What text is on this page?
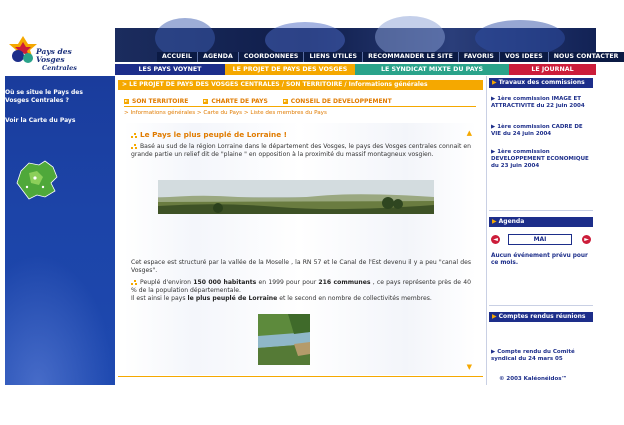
ACCUEIL	AGENDA	COORDONNEES	LIENS UTILES	RECOMMANDER LE SITE	FAVORIS	VOS IDEES	NOUS CONTACTER
Pays des Vosges
Centrales	LES PAYS VOYNET	LE PROJET DE PAYS DES VOSGES	LE SYNDICAT MIXTE DU PAYS	LE JOURNAL
Où se situe le Pays des Vosges Centrales ?
Voir la Carte du Pays
> LE PROJET DE PAYS DES VOSGES CENTRALES / SON TERRITOIRE / Informations générales
SON TERRITOIRE	CHARTE DE PAYS	CONSEIL DE DEVELOPPEMENT
> Informations générales > Carte du Pays > Liste des membres du Pays
▲
Le Pays le plus peuplé de Lorraine !
Basé au sud de la région Lorraine dans le département des Vosges, le pays des Vosges centrales connait en grande partie un relief dit de "plaine " en opposition à la proximité du massif montagneux vosgien.
Cet espace est structuré par la vallée de la Moselle , la RN 57 et le Canal de l'Est devenu il y a peu "canal des Vosges".
Peuplé d'environ 150 000 habitants en 1999 pour pour 216 communes , ce pays représente près de 40 % de la population départementale.
Il est ainsi le pays le plus peuplé de Lorraine et le second en nombre de collectivités membres.
▼
▶ Travaux des commissions
▶ 1ère commission IMAGE ET ATTRACTIVITE du 22 juin 2004
▶ 1ère commission CADRE DE VIE du 24 juin 2004
▶ 1ère commission DEVELOPPEMENT ECONOMIQUE du 23 juin 2004
▶ Agenda
◄	MAI	►
Aucun événement prévu pour ce mois.
▶ Comptes rendus réunions
▶ Compte rendu du Comité syndical du 24 mars 05
© 2003 Kaléonéidos™
